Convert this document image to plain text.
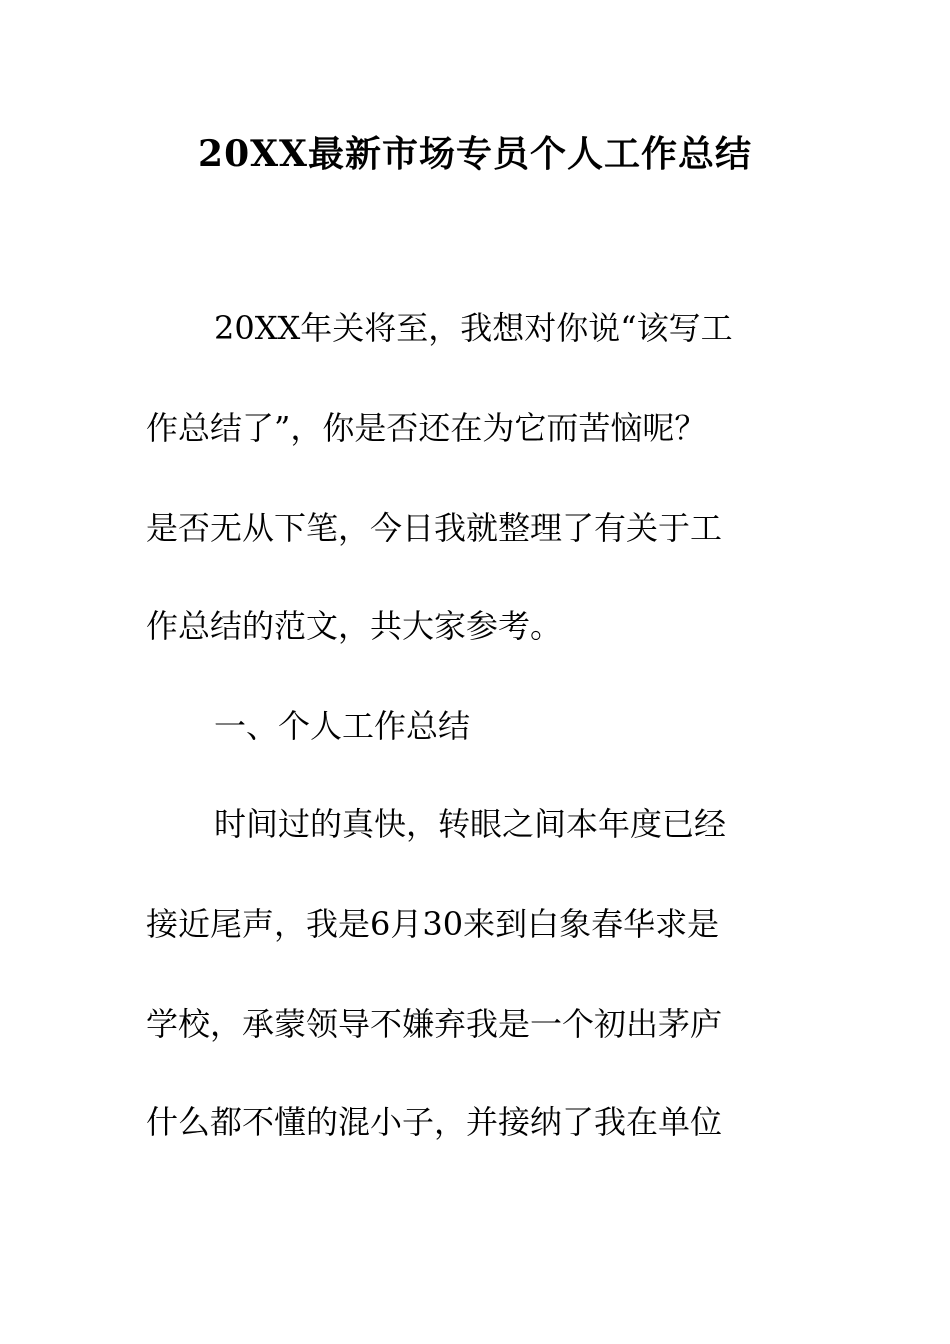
20XX最新市场专员个人工作总结

20XX年关将至，我想对你说“该写工

作总结了”，你是否还在为它而苦恼呢？

是否无从下笔，今日我就整理了有关于工

作总结的范文，共大家参考。

一、个人工作总结

时间过的真快，转眼之间本年度已经

接近尾声，我是6月30来到白象春华求是

学校，承蒙领导不嫌弃我是一个初出茅庐

什么都不懂的混小子，并接纳了我在单位
